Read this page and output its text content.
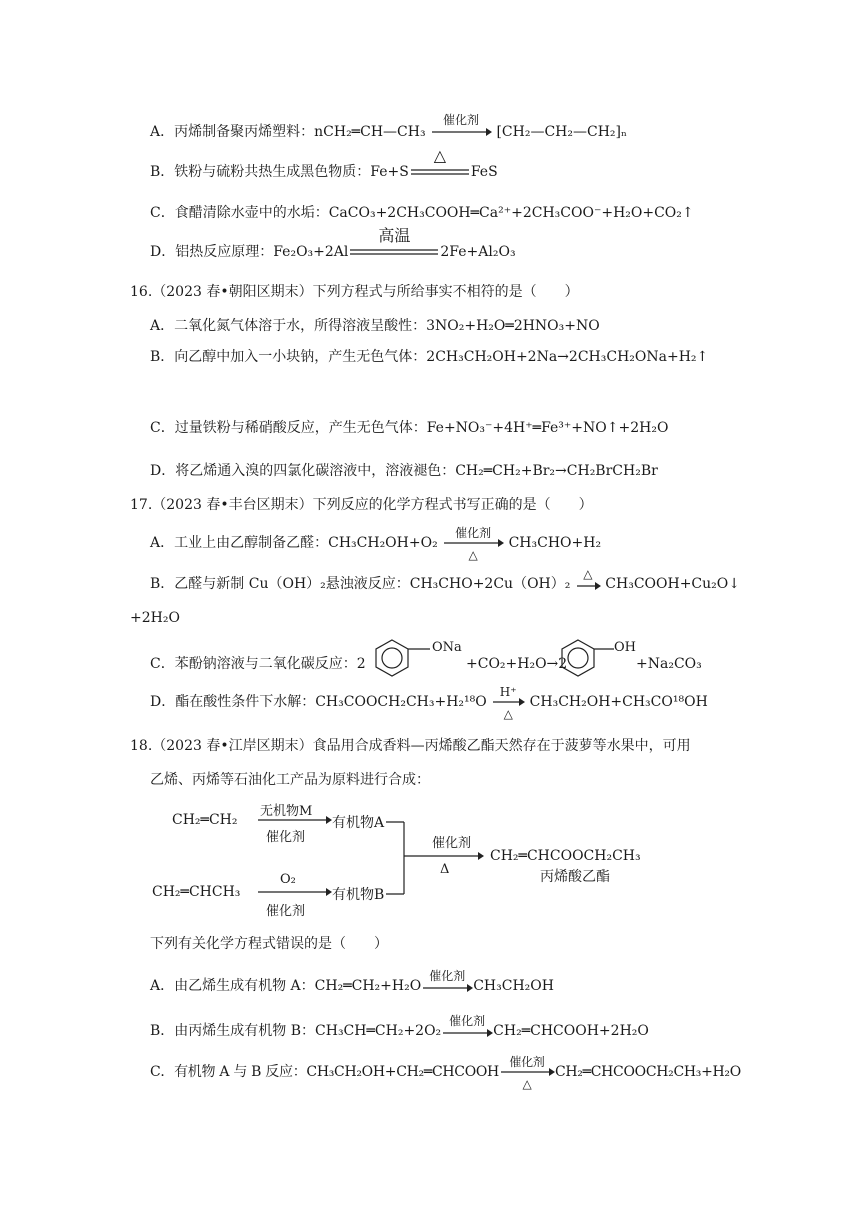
A．丙烯制备聚丙烯塑料：nCH₂═CH—CH₃
催化剂
[CH₂—CH₂—CH₂]ₙ
B．铁粉与硫粉共热生成黑色物质：Fe+S
△
FeS
C．食醋清除水壶中的水垢：CaCO₃+2CH₃COOH═Ca²⁺+2CH₃COO⁻+H₂O+CO₂↑
D．铝热反应原理：Fe₂O₃+2Al
高温
2Fe+Al₂O₃
16.（2023 春•朝阳区期末）下列方程式与所给事实不相符的是（　　）
A．二氧化氮气体溶于水，所得溶液呈酸性：3NO₂+H₂O═2HNO₃+NO
B．向乙醇中加入一小块钠，产生无色气体：2CH₃CH₂OH+2Na→2CH₃CH₂ONa+H₂↑
C．过量铁粉与稀硝酸反应，产生无色气体：Fe+NO₃⁻+4H⁺═Fe³⁺+NO↑+2H₂O
D．将乙烯通入溴的四氯化碳溶液中，溶液褪色：CH₂═CH₂+Br₂→CH₂BrCH₂Br
17.（2023 春•丰台区期末）下列反应的化学方程式书写正确的是（　　）
A．工业上由乙醇制备乙醛：CH₃CH₂OH+O₂
催化剂
△
CH₃CHO+H₂
B．乙醛与新制 Cu（OH）₂悬浊液反应：CH₃CHO+2Cu（OH）₂
△
CH₃COOH+Cu₂O↓
+2H₂O
C．苯酚钠溶液与二氧化碳反应：2
ONa
+CO₂+H₂O→2
OH
+Na₂CO₃
D．酯在酸性条件下水解：CH₃COOCH₂CH₃+H₂¹⁸O
H⁺
△
CH₃CH₂OH+CH₃CO¹⁸OH
18.（2023 春•江岸区期末）食品用合成香料—丙烯酸乙酯天然存在于菠萝等水果中，可用
乙烯、丙烯等石油化工产品为原料进行合成：
CH₂═CH₂
无机物M
催化剂
有机物A
CH₂═CHCH₃
O₂
催化剂
有机物B
催化剂
Δ
CH₂═CHCOOCH₂CH₃
丙烯酸乙酯
下列有关化学方程式错误的是（　　）
A．由乙烯生成有机物 A：CH₂═CH₂+H₂O
催化剂
CH₃CH₂OH
B．由丙烯生成有机物 B：CH₃CH═CH₂+2O₂
催化剂
CH₂═CHCOOH+2H₂O
C．有机物 A 与 B 反应：CH₃CH₂OH+CH₂═CHCOOH
催化剂
△
CH₂═CHCOOCH₂CH₃+H₂O
